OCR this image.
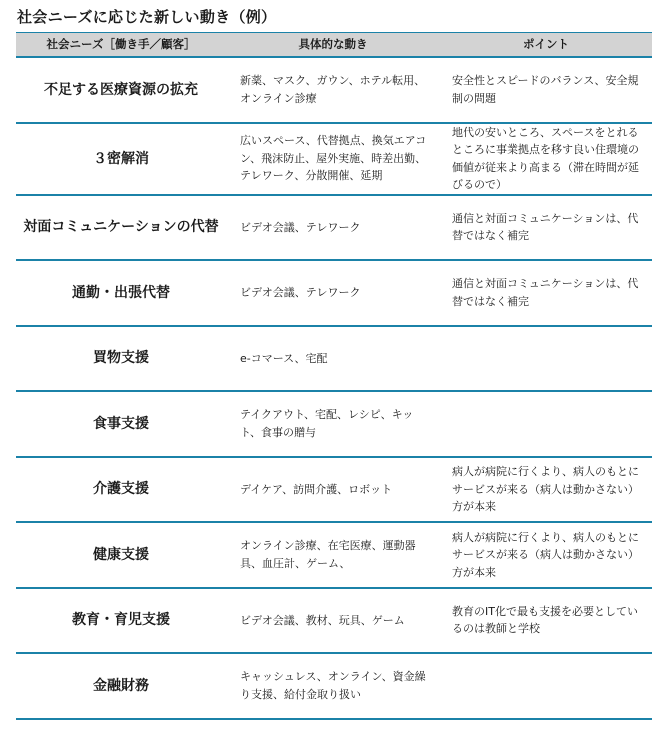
社会ニーズに応じた新しい動き（例）
社会ニーズ［働き手／顧客］	具体的な動き	ポイント
不足する医療資源の拡充	新薬、マスク、ガウン、ホテル転用、オンライン診療	安全性とスピードのバランス、安全規制の問題
３密解消	広いスペース、代替拠点、換気エアコン、飛沫防止、屋外実施、時差出勤、テレワーク、分散開催、延期	地代の安いところ、スペースをとれるところに事業拠点を移す良い住環境の価値が従来より高まる（滞在時間が延びるので）
対面コミュニケーションの代替	ビデオ会議、テレワーク	通信と対面コミュニケーションは、代替ではなく補完
通勤・出張代替	ビデオ会議、テレワーク	通信と対面コミュニケーションは、代替ではなく補完
買物支援	e-コマース、宅配	
食事支援	テイクアウト、宅配、レシピ、キット、食事の贈与	
介護支援	デイケア、訪問介護、ロボット	病人が病院に行くより、病人のもとにサービスが来る（病人は動かさない）方が本来
健康支援	オンライン診療、在宅医療、運動器具、血圧計、ゲーム、	病人が病院に行くより、病人のもとにサービスが来る（病人は動かさない）方が本来
教育・育児支援	ビデオ会議、教材、玩具、ゲーム	教育のIT化で最も支援を必要としているのは教師と学校
金融財務	キャッシュレス、オンライン、資金繰り支援、給付金取り扱い	
